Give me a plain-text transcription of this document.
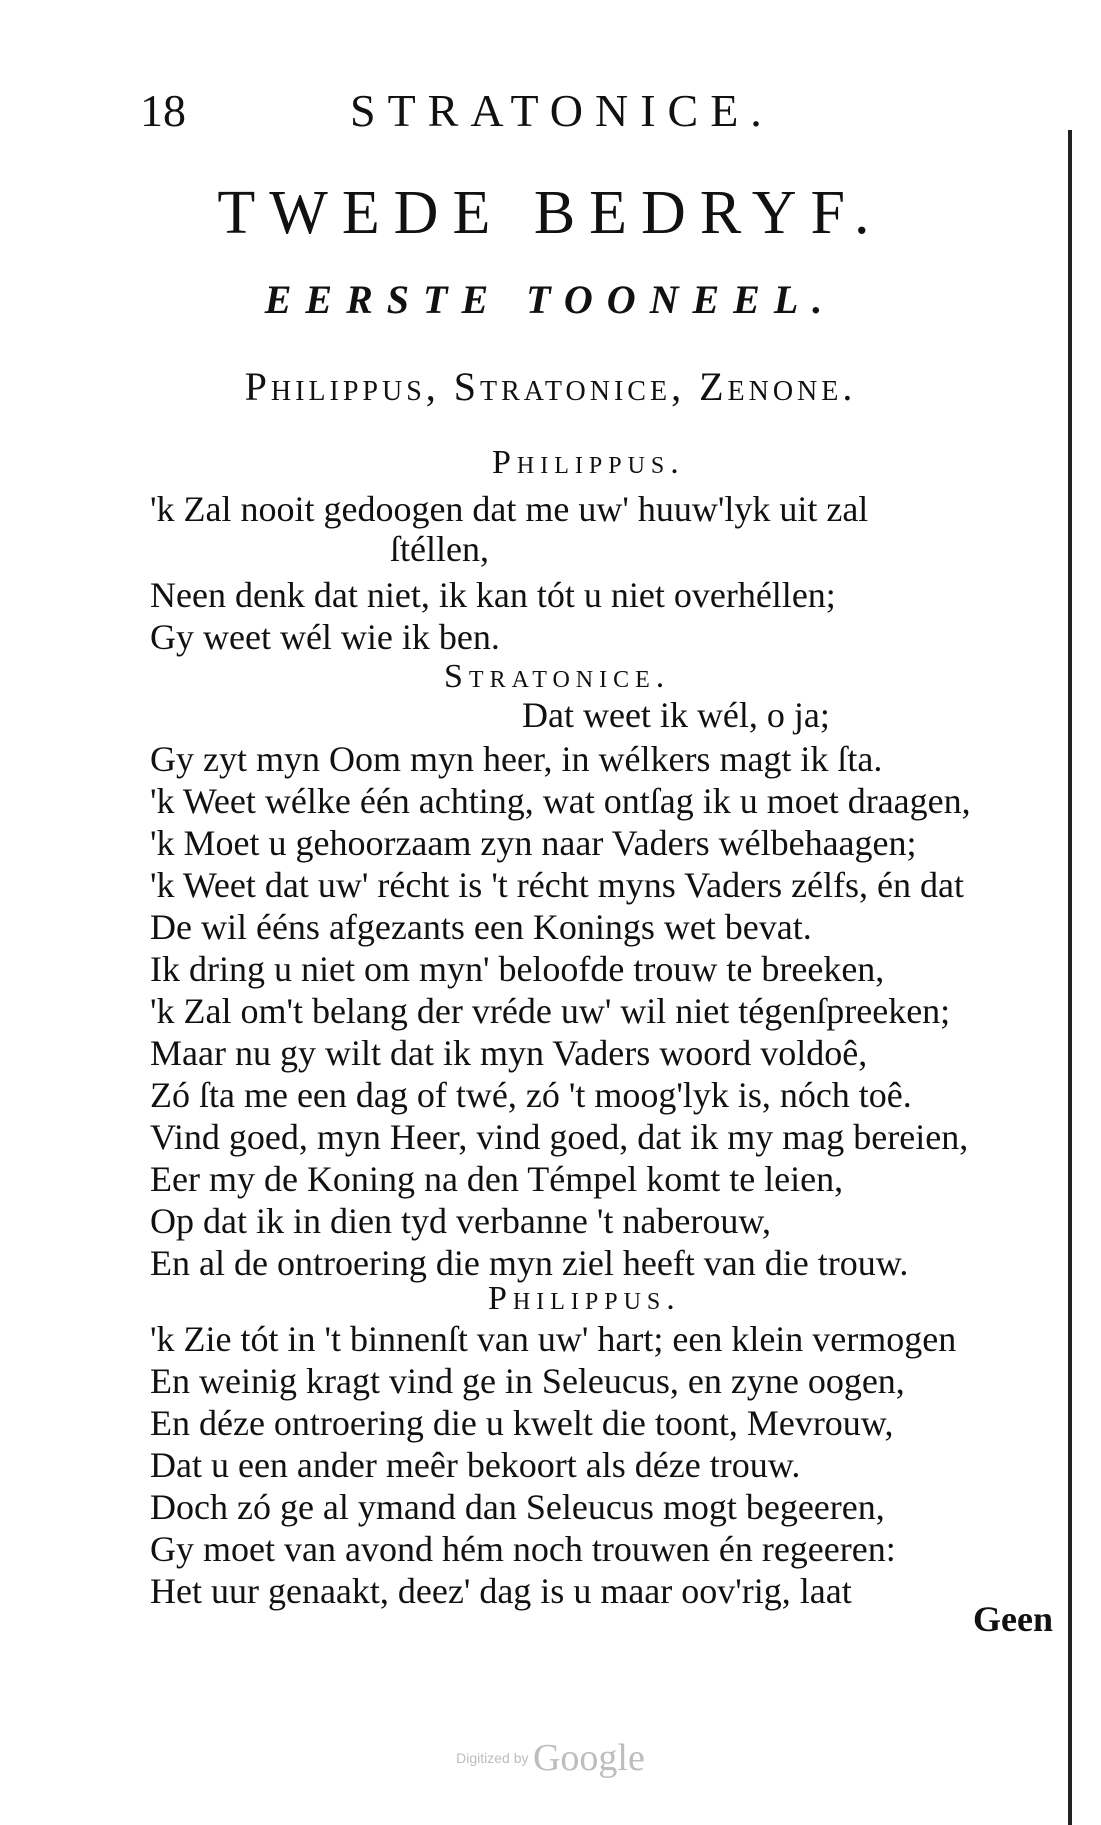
18	STRATONICE.
TWEDE BEDRYF.
EERSTE TOONEEL.
Philippus, Stratonice, Zenone.
Philippus.
'k Zal nooit gedoogen dat me uw' huuw'lyk uit zal
ſtéllen,
Neen denk dat niet, ik kan tót u niet overhéllen;
Gy weet wél wie ik ben.
Stratonice.
Dat weet ik wél, o ja;
Gy zyt myn Oom myn heer, in wélkers magt ik ſta.
'k Weet wélke één achting, wat ontſag ik u moet draagen,
'k Moet u gehoorzaam zyn naar Vaders wélbehaagen;
'k Weet dat uw' récht is 't récht myns Vaders zélfs, én dat
De wil ééns afgezants een Konings wet bevat.
Ik dring u niet om myn' beloofde trouw te breeken,
'k Zal om't belang der vréde uw' wil niet tégenſpreeken;
Maar nu gy wilt dat ik myn Vaders woord voldoê,
Zó ſta me een dag of twé, zó 't moog'lyk is, nóch toê.
Vind goed, myn Heer, vind goed, dat ik my mag bereien,
Eer my de Koning na den Témpel komt te leien,
Op dat ik in dien tyd verbanne 't naberouw,
En al de ontroering die myn ziel heeft van die trouw.
Philippus.
'k Zie tót in 't binnenſt van uw' hart; een klein vermogen
En weinig kragt vind ge in Seleucus, en zyne oogen,
En déze ontroering die u kwelt die toont, Mevrouw,
Dat u een ander meêr bekoort als déze trouw.
Doch zó ge al ymand dan Seleucus mogt begeeren,
Gy moet van avond hém noch trouwen én regeeren:
Het uur genaakt, deez' dag is u maar oov'rig, laat
Geen
Digitized by Google
